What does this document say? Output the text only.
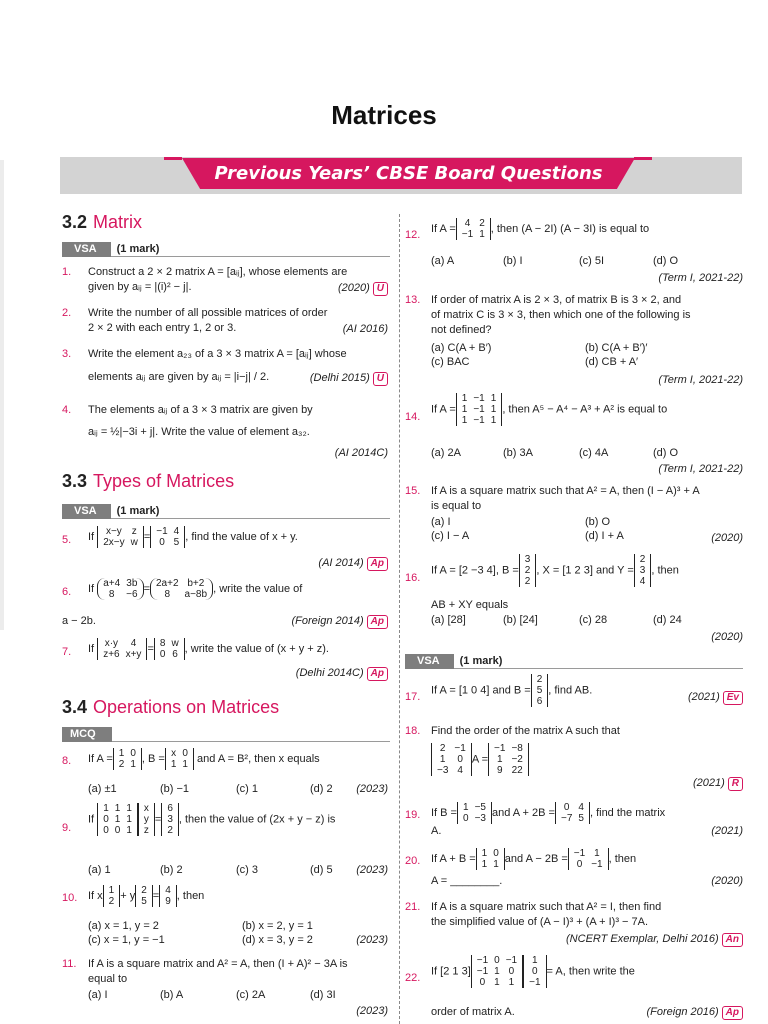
Matrices
Previous Years’ CBSE Board Questions
3.2 Matrix
VSA (1 mark)
1. Construct a 2 × 2 matrix A = [aᵢⱼ], whose elements are
given by aᵢⱼ = |(i)² − j|.	(2020) U
2. Write the number of all possible matrices of order
2 × 2 with each entry 1, 2 or 3.	(AI 2016)
3. Write the element a₂₃ of a 3 × 3 matrix A = [aᵢⱼ] whose
elements aᵢⱼ are given by aᵢⱼ = |i−j| / 2.	(Delhi 2015) U
4. The elements aᵢⱼ of a 3 × 3 matrix are given by
aᵢⱼ = ½|−3i + j|. Write the value of element a₃₂.
(AI 2014C)
3.3 Types of Matrices
VSA (1 mark)
5. If x−y	z
2x−y	w = −1	4
0	5 , find the value of x + y.
(AI 2014) Ap
6. If a+4	3b
8	−6 = 2a+2	b+2
8	a−8b , write the value of
a − 2b.	(Foreign 2014) Ap
7. If x·y	4
z+6	x+y = 8	w
0	6 , write the value of (x + y + z).
(Delhi 2014C) Ap
3.4 Operations on Matrices
MCQ
8. If A = 1	0
2	1 , B = x	0
1	1 and A = B², then x equals
(a) ±1	(b) −1	(c) 1	(d) 2 (2023)
9.
If
1	1	1
0	1	1
0	0	1
x
y
z
=
6
3
2
, then the value of (2x + y − z) is
(a) 1	(b) 2	(c) 3	(d) 5 (2023)
10. If x 1
2 + y 2
5 = 4
9 , then
(a) x = 1, y = 2	(b) x = 2, y = 1
(c) x = 1, y = −1	(d) x = 3, y = 2	(2023)
11. If A is a square matrix and A² = A, then (I + A)² − 3A is
equal to
(a) I	(b) A	(c) 2A	(d) 3I
(2023)
12.
If A = 4	2
−1	1 , then (A − 2I) (A − 3I) is equal to
(a) A	(b) I	(c) 5I	(d) O
(Term I, 2021-22)
13. If order of matrix A is 2 × 3, of matrix B is 3 × 2, and
of matrix C is 3 × 3, then which one of the following is
not defined?
(a) C(A + B′)	(b) C(A + B′)′
(c) BAC	(d) CB + A′
(Term I, 2021-22)
14.
If A =
1	−1	1
1	−1	1
1	−1	1
, then A⁵ − A⁴ − A³ + A² is equal to
(a) 2A	(b) 3A	(c) 4A	(d) O
(Term I, 2021-22)
15. If A is a square matrix such that A² = A, then (I − A)³ + A
is equal to
(a) I	(b) O
(c) I − A	(d) I + A	(2020)
16.
If A = [2 −3 4], B =
3
2
2
, X = [1 2 3] and Y =
2
3
4
, then
AB + XY equals
(a) [28]	(b) [24]	(c) 28	(d) 24
(2020)
VSA (1 mark)
17.
If A = [1 0 4] and B =
2
5
6
, find AB.
(2021) Ev
18. Find the order of the matrix A such that
2	−1
1	0
−3	4
A =
−1	−8
1	−2
9	22
(2021) R
19. If B = 1	−5
0	−3 and A + 2B = 0	4
−7	5 , find the matrix
A.	(2021)
20. If A + B = 1	0
1	1 and A − 2B = −1	1
0	−1 , then
A = ________.	(2020)
21. If A is a square matrix such that A² = I, then find
the simplified value of (A − I)³ + (A + I)³ − 7A.
(NCERT Exemplar, Delhi 2016) An
22.
If [2 1 3]
−1	0	−1
−1	1	0
0	1	1
1
0
−1
= A, then write the
order of matrix A.	(Foreign 2016) Ap
